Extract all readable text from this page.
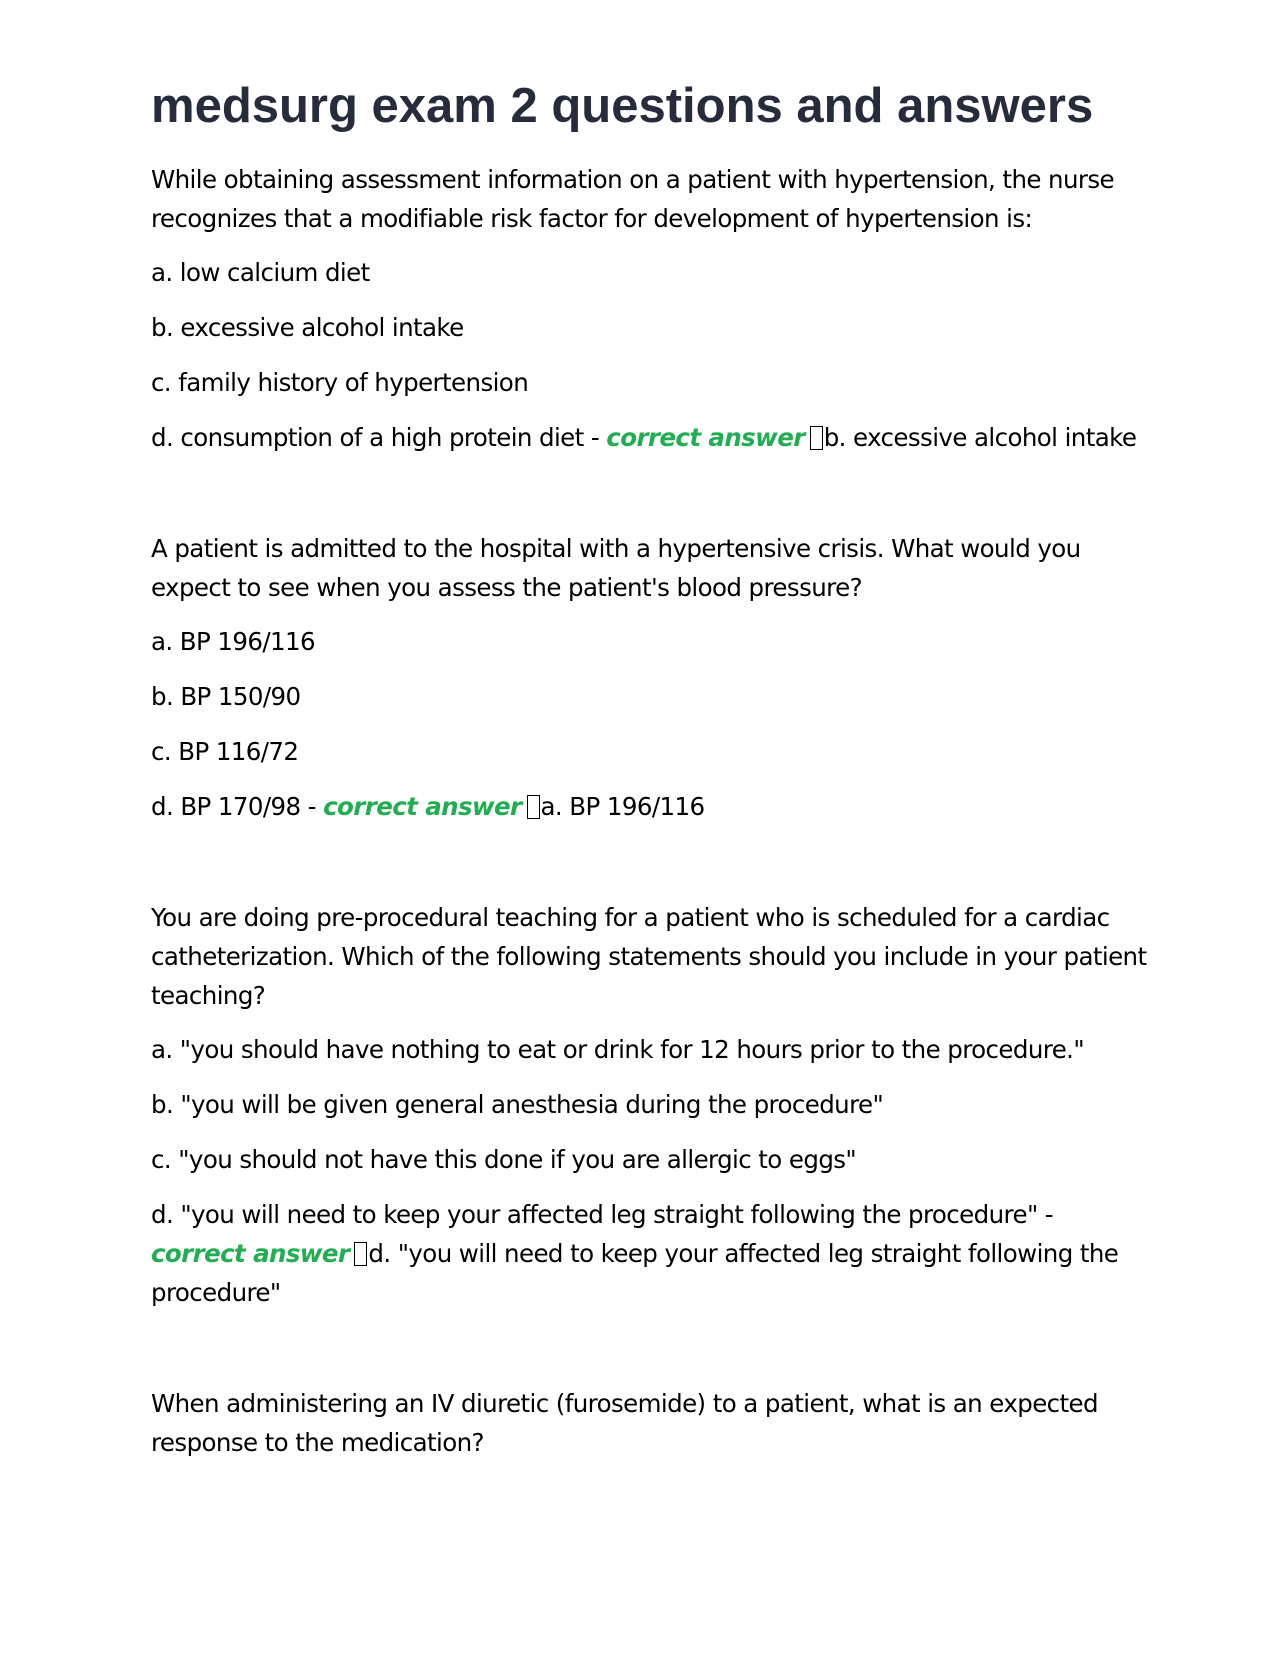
medsurg exam 2 questions and answers

While obtaining assessment information on a patient with hypertension, the nurse recognizes that a modifiable risk factor for development of hypertension is:

a. low calcium diet

b. excessive alcohol intake

c. family history of hypertension

d. consumption of a high protein diet - correct answer b. excessive alcohol intake

A patient is admitted to the hospital with a hypertensive crisis. What would you expect to see when you assess the patient's blood pressure?

a. BP 196/116

b. BP 150/90

c. BP 116/72

d. BP 170/98 - correct answer a. BP 196/116

You are doing pre-procedural teaching for a patient who is scheduled for a cardiac catheterization. Which of the following statements should you include in your patient teaching?

a. "you should have nothing to eat or drink for 12 hours prior to the procedure."

b. "you will be given general anesthesia during the procedure"

c. "you should not have this done if you are allergic to eggs"

d. "you will need to keep your affected leg straight following the procedure" - correct answer d. "you will need to keep your affected leg straight following the procedure"

When administering an IV diuretic (furosemide) to a patient, what is an expected response to the medication?
